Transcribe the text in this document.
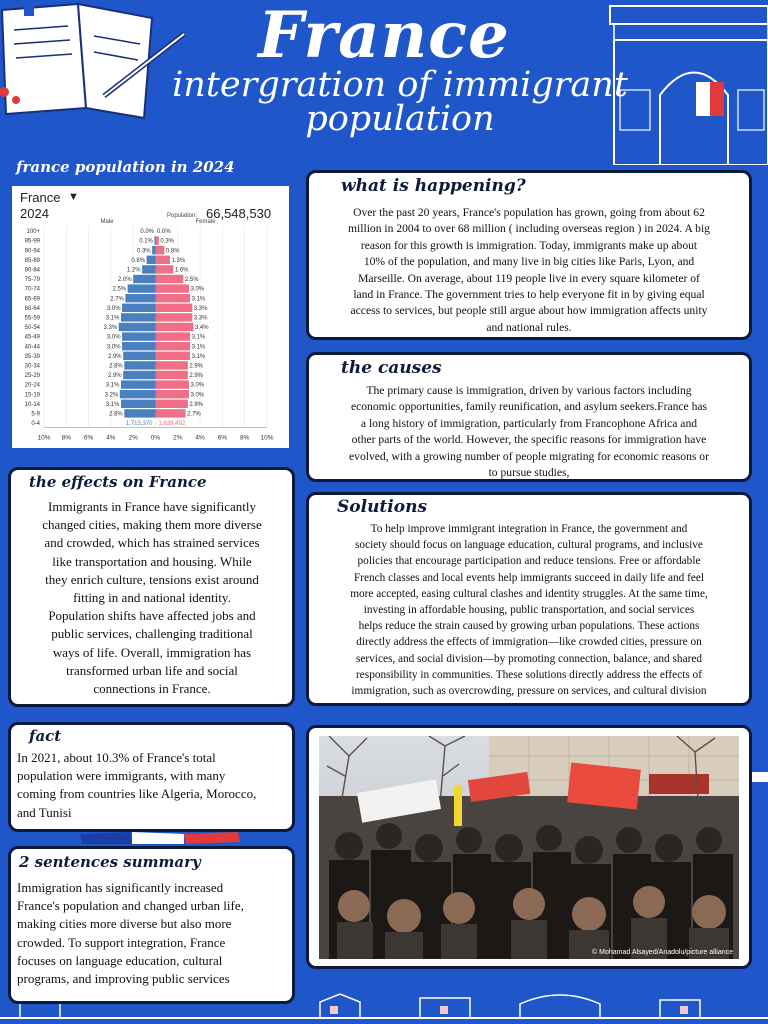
France
intergration of immigrant
population
france population in 2024
10% 8% 6% 4% 2% 0% 2% 4% 6% 8% 10%
Male	Female
100+	0.0% 0.0%
95-99	0.1% 0.3%
90-94	0.3%	0.8%
85-89	0.8%	1.3%
80-84	1.2%	1.6%
75-79	2.0%	2.5%
70-74	2.5%	3.0%
65-69	2.7%	3.1%
60-64	3.0%	3.3%
55-59	3.1%	3.3%
50-54	3.3%	3.4%
45-49	3.0%	3.1%
40-44	3.0%	3.1%
35-39	2.9%	3.1%
30-34	2.8%	2.9%
25-29	2.9%	2.9%
20-24	3.1%	3.0%
15-19	3.2%	3.0%
10-14	3.1%	2.9%
5-9	2.8%	2.7%
0-4	1,715,370 1,639,492
France ▼
2024	Population: 66,548,530
what is happening?
Over the past 20 years, France's population has grown, going from about 62
million in 2004 to over 68 million ( including overseas region ) in 2024. A big
reason for this growth is immigration. Today, immigrants make up about
10% of the population, and many live in big cities like Paris, Lyon, and
Marseille. On average, about 119 people live in every square kilometer of
land in France. The government tries to help everyone fit in by giving equal
access to services, but people still argue about how immigration affects unity
and national rules.
the causes
The primary cause is immigration, driven by various factors including
economic opportunities, family reunification, and asylum seekers.France has
a long history of immigration, particularly from Francophone Africa and
other parts of the world. However, the specific reasons for immigration have
evolved, with a growing number of people migrating for economic reasons or
to pursue studies,
the effects on France
Immigrants in France have significantly
changed cities, making them more diverse
and crowded, which has strained services
like transportation and housing. While
they enrich culture, tensions exist around
fitting in and national identity.
Population shifts have affected jobs and
public services, challenging traditional
ways of life. Overall, immigration has
transformed urban life and social
connections in France.
Solutions
To help improve immigrant integration in France, the government and
society should focus on language education, cultural programs, and inclusive
policies that encourage participation and reduce tensions. Free or affordable
French classes and local events help immigrants succeed in daily life and feel
more accepted, easing cultural clashes and identity struggles. At the same time,
investing in affordable housing, public transportation, and social services
helps reduce the strain caused by growing urban populations. These actions
directly address the effects of immigration—like crowded cities, pressure on
services, and social division—by promoting connection, balance, and shared
responsibility in communities. These solutions directly address the effects of
immigration, such as overcrowding, pressure on services, and cultural division
fact
In 2021, about 10.3% of France's total
population were immigrants, with many
coming from countries like Algeria, Morocco,
and Tunisi
2 sentences summary
Immigration has significantly increased
France's population and changed urban life,
making cities more diverse but also more
crowded. To support integration, France
focuses on language education, cultural
programs, and improving public services
© Mohamad Alsayed/Anadolu/picture alliance
